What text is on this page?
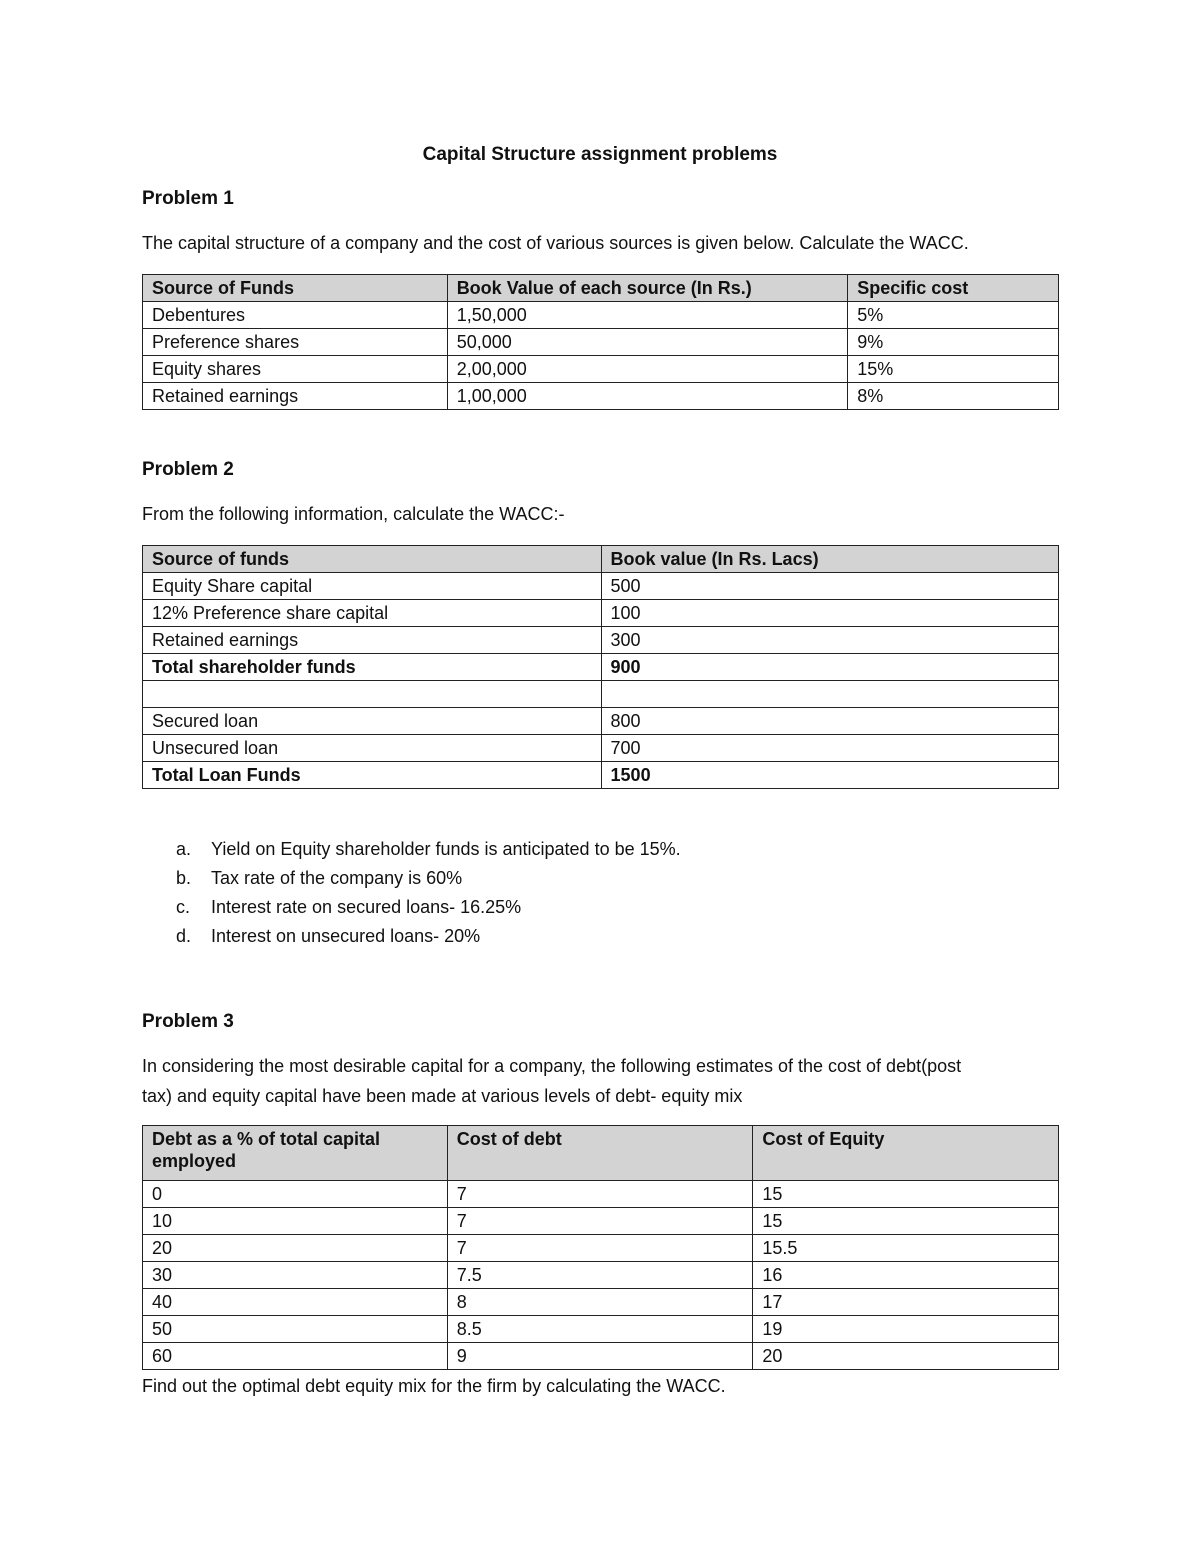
Capital Structure assignment problems
Problem 1
The capital structure of a company and the cost of various sources is given below. Calculate the WACC.
Source of Funds	Book Value of each source (In Rs.)	Specific cost
Debentures	1,50,000	5%
Preference shares	50,000	9%
Equity shares	2,00,000	15%
Retained earnings	1,00,000	8%
Problem 2
From the following information, calculate the WACC:-
Source of funds	Book value (In Rs. Lacs)
Equity Share capital	500
12% Preference share capital	100
Retained earnings	300
Total shareholder funds	900

Secured loan	800
Unsecured loan	700
Total Loan Funds	1500
a.	Yield on Equity shareholder funds is anticipated to be 15%.
b.	Tax rate of the company is 60%
c.	Interest rate on secured loans- 16.25%
d.	Interest on unsecured loans- 20%
Problem 3
In considering the most desirable capital for a company, the following estimates of the cost of debt(post
tax) and equity capital have been made at various levels of debt- equity mix
Debt as a % of total capital employed	Cost of debt	Cost of Equity
0	7	15
10	7	15
20	7	15.5
30	7.5	16
40	8	17
50	8.5	19
60	9	20
Find out the optimal debt equity mix for the firm by calculating the WACC.
